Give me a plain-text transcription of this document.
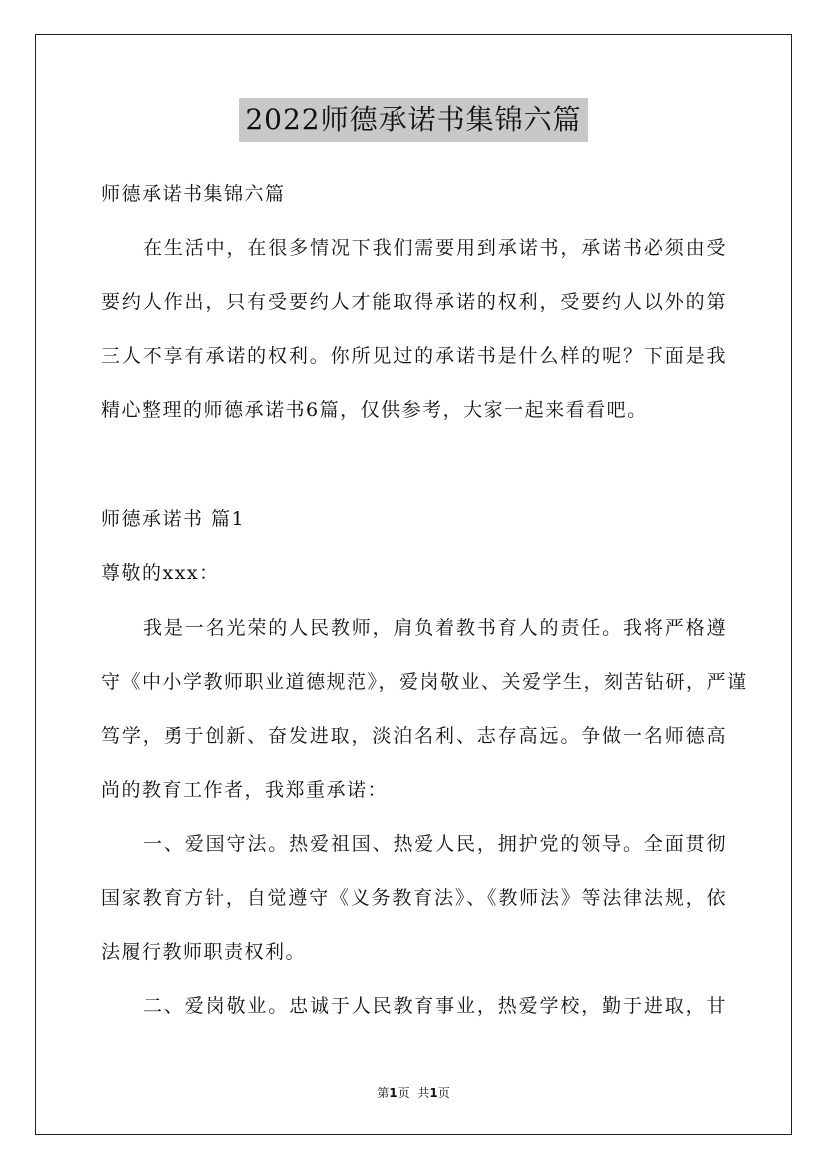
2022师德承诺书集锦六篇
师德承诺书集锦六篇
在生活中，在很多情况下我们需要用到承诺书，承诺书必须由受
要约人作出，只有受要约人才能取得承诺的权利，受要约人以外的第
三人不享有承诺的权利。你所见过的承诺书是什么样的呢？下面是我
精心整理的师德承诺书6篇，仅供参考，大家一起来看看吧。
师德承诺书 篇1
尊敬的xxx：
我是一名光荣的人民教师，肩负着教书育人的责任。我将严格遵
守《中小学教师职业道德规范》，爱岗敬业、关爱学生，刻苦钻研，严谨
笃学，勇于创新、奋发进取，淡泊名利、志存高远。争做一名师德高
尚的教育工作者，我郑重承诺：
一、爱国守法。热爱祖国、热爱人民，拥护党的领导。全面贯彻
国家教育方针，自觉遵守《义务教育法》、《教师法》等法律法规，依
法履行教师职责权利。
二、爱岗敬业。忠诚于人民教育事业，热爱学校，勤于进取，甘
第1页 共1页
